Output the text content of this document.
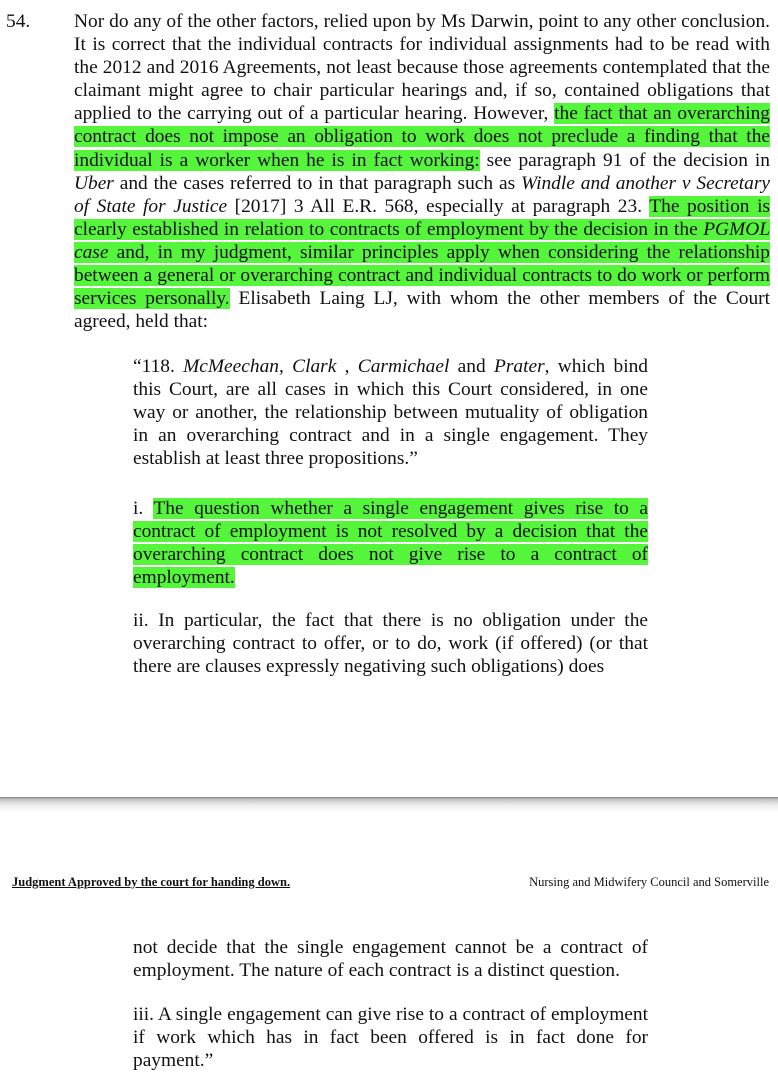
54. Nor do any of the other factors, relied upon by Ms Darwin, point to any other conclusion. It is correct that the individual contracts for individual assignments had to be read with the 2012 and 2016 Agreements, not least because those agreements contemplated that the claimant might agree to chair particular hearings and, if so, contained obligations that applied to the carrying out of a particular hearing. However, the fact that an overarching contract does not impose an obligation to work does not preclude a finding that the individual is a worker when he is in fact working: see paragraph 91 of the decision in Uber and the cases referred to in that paragraph such as Windle and another v Secretary of State for Justice [2017] 3 All E.R. 568, especially at paragraph 23. The position is clearly established in relation to contracts of employment by the decision in the PGMOL case and, in my judgment, similar principles apply when considering the relationship between a general or overarching contract and individual contracts to do work or perform services personally. Elisabeth Laing LJ, with whom the other members of the Court agreed, held that:

“118. McMeechan, Clark , Carmichael and Prater, which bind this Court, are all cases in which this Court considered, in one way or another, the relationship between mutuality of obligation in an overarching contract and in a single engagement. They establish at least three propositions.”

i. The question whether a single engagement gives rise to a contract of employment is not resolved by a decision that the overarching contract does not give rise to a contract of employment.

ii. In particular, the fact that there is no obligation under the overarching contract to offer, or to do, work (if offered) (or that there are clauses expressly negativing such obligations) does

Judgment Approved by the court for handing down.	Nursing and Midwifery Council and Somerville

not decide that the single engagement cannot be a contract of employment. The nature of each contract is a distinct question.

iii. A single engagement can give rise to a contract of employment if work which has in fact been offered is in fact done for payment.”
